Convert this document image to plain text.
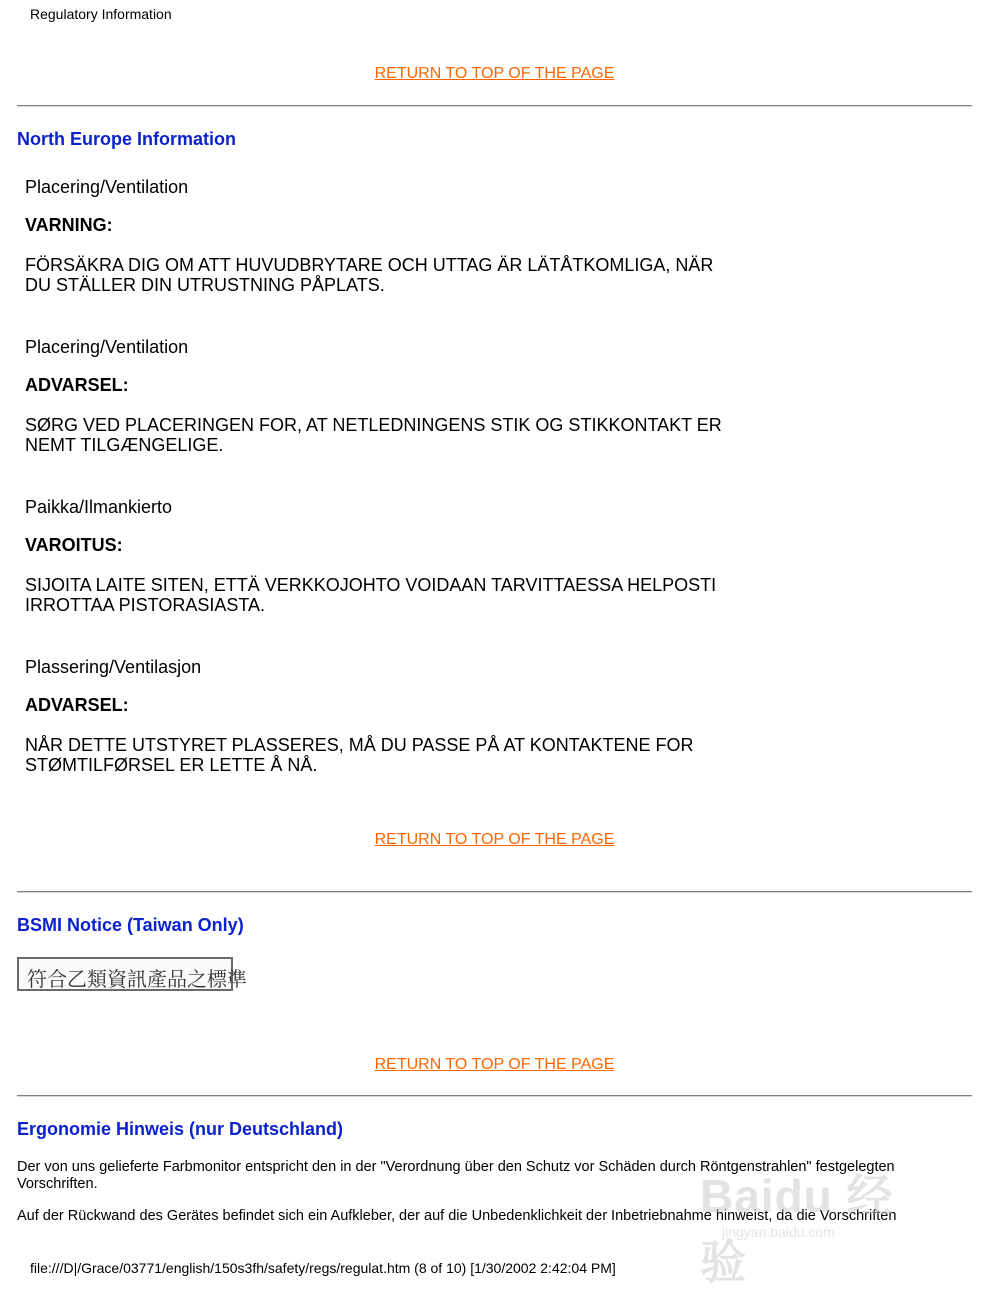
Regulatory Information
RETURN TO TOP OF THE PAGE
North Europe Information
Placering/Ventilation
VARNING:
FÖRSÄKRA DIG OM ATT HUVUDBRYTARE OCH UTTAG ÄR LÄTÅTKOMLIGA, NÄR
DU STÄLLER DIN UTRUSTNING PÅPLATS.
Placering/Ventilation
ADVARSEL:
SØRG VED PLACERINGEN FOR, AT NETLEDNINGENS STIK OG STIKKONTAKT ER
NEMT TILGÆNGELIGE.
Paikka/Ilmankierto
VAROITUS:
SIJOITA LAITE SITEN, ETTÄ VERKKOJOHTO VOIDAAN TARVITTAESSA HELPOSTI
IRROTTAA PISTORASIASTA.
Plassering/Ventilasjon
ADVARSEL:
NÅR DETTE UTSTYRET PLASSERES, MÅ DU PASSE PÅ AT KONTAKTENE FOR
STØMTILFØRSEL ER LETTE Å NÅ.
RETURN TO TOP OF THE PAGE
BSMI Notice (Taiwan Only)
符合乙類資訊產品之標準
RETURN TO TOP OF THE PAGE
Ergonomie Hinweis (nur Deutschland)
Der von uns gelieferte Farbmonitor entspricht den in der "Verordnung über den Schutz vor Schäden durch Röntgenstrahlen" festgelegten
Vorschriften.
Auf der Rückwand des Gerätes befindet sich ein Aufkleber, der auf die Unbedenklichkeit der Inbetriebnahme hinweist, da die Vorschriften
Baidu 经验
jingyan.baidu.com
file:///D|/Grace/03771/english/150s3fh/safety/regs/regulat.htm (8 of 10) [1/30/2002 2:42:04 PM]
